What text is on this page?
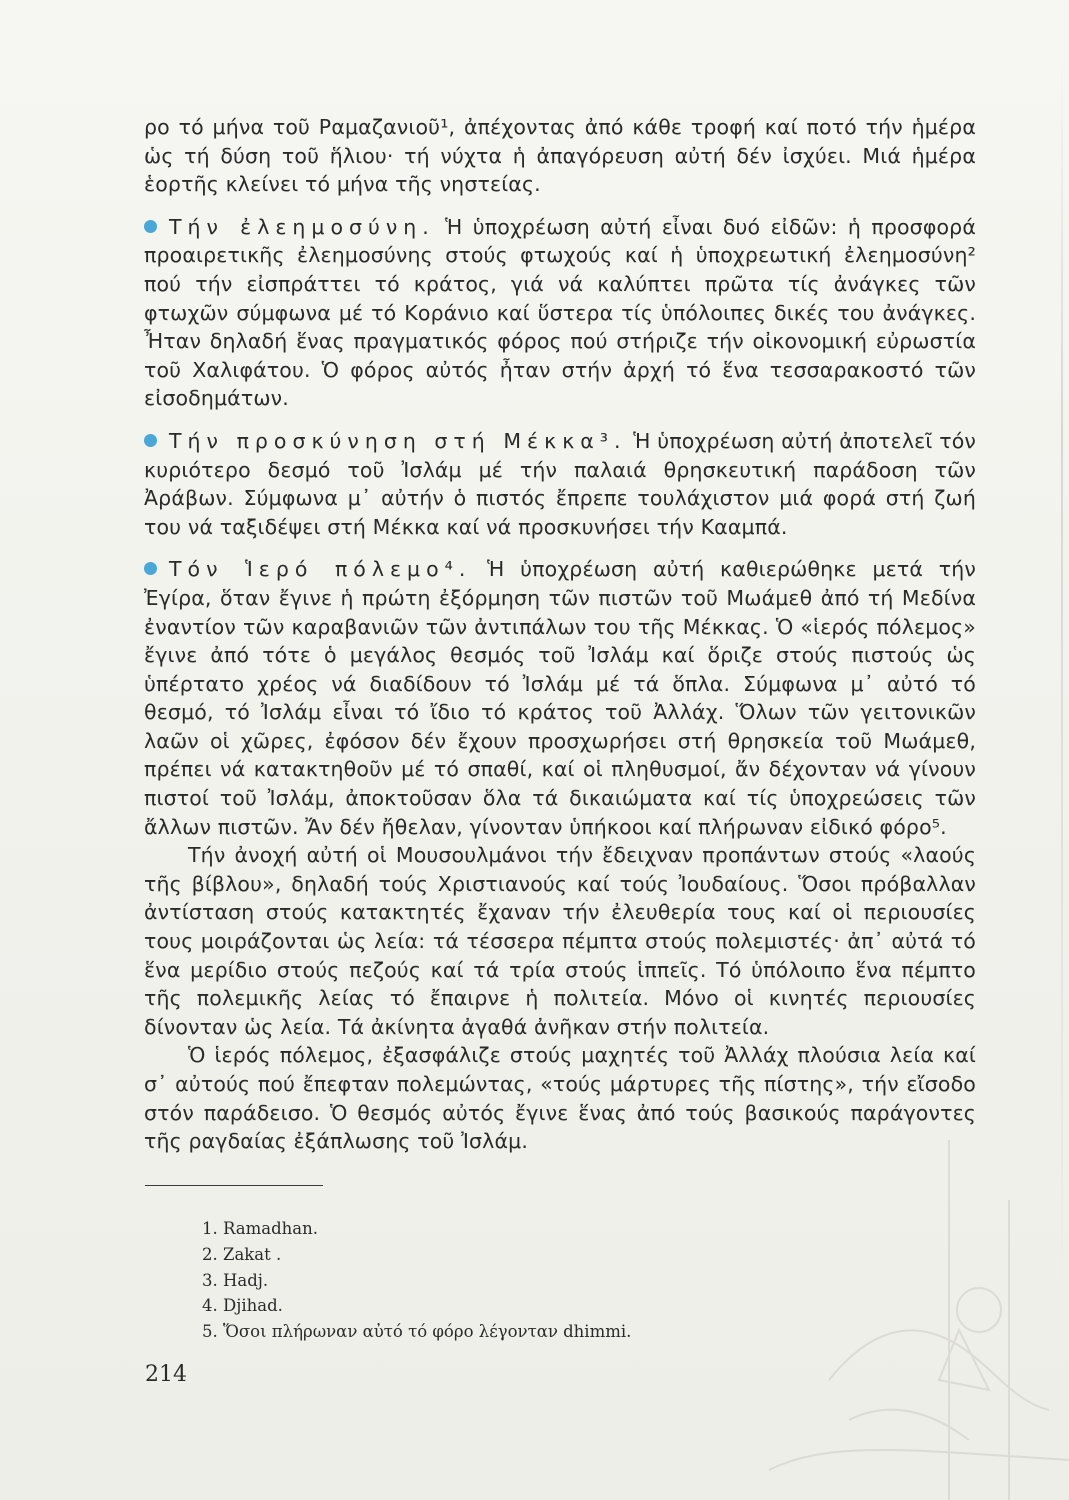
ρο τό μήνα τοῦ Ραμαζανιοῦ¹, ἀπέχοντας ἀπό κάθε τροφή καί ποτό τήν ἡμέρα ὡς τή δύση τοῦ ἥλιου· τή νύχτα ἡ ἀπαγόρευση αὐτή δέν ἰσχύει. Μιά ἡμέρα ἑορτῆς κλείνει τό μήνα τῆς νηστείας.

Τήν ἐλεημοσύνη. Ἡ ὑποχρέωση αὐτή εἶναι δυό εἰδῶν: ἡ προσφορά προαιρετικῆς ἐλεημοσύνης στούς φτωχούς καί ἡ ὑποχρεωτική ἐλεημοσύνη² πού τήν εἰσπράττει τό κράτος, γιά νά καλύπτει πρῶτα τίς ἀνάγκες τῶν φτωχῶν σύμφωνα μέ τό Κοράνιο καί ὕστερα τίς ὑπόλοιπες δικές του ἀνάγκες. Ἦταν δηλαδή ἕνας πραγματικός φόρος πού στήριζε τήν οἰκονομική εὐρωστία τοῦ Χαλιφάτου. Ὁ φόρος αὐτός ἦταν στήν ἀρχή τό ἕνα τεσσαρακοστό τῶν εἰσοδημάτων.

Τήν προσκύνηση στή Μέκκα³. Ἡ ὑποχρέωση αὐτή ἀποτελεῖ τόν κυριότερο δεσμό τοῦ Ἰσλάμ μέ τήν παλαιά θρησκευτική παράδοση τῶν Ἀράβων. Σύμφωνα μ᾽ αὐτήν ὁ πιστός ἔπρεπε τουλάχιστον μιά φορά στή ζωή του νά ταξιδέψει στή Μέκκα καί νά προσκυνήσει τήν Κααμπά.

Τόν Ἱερό πόλεμο⁴. Ἡ ὑποχρέωση αὐτή καθιερώθηκε μετά τήν Ἐγίρα, ὅταν ἔγινε ἡ πρώτη ἐξόρμηση τῶν πιστῶν τοῦ Μωάμεθ ἀπό τή Μεδίνα ἐναντίον τῶν καραβανιῶν τῶν ἀντιπάλων του τῆς Μέκκας. Ὁ «ἱερός πόλεμος» ἔγινε ἀπό τότε ὁ μεγάλος θεσμός τοῦ Ἰσλάμ καί ὅριζε στούς πιστούς ὡς ὑπέρτατο χρέος νά διαδίδουν τό Ἰσλάμ μέ τά ὅπλα. Σύμφωνα μ᾽ αὐτό τό θεσμό, τό Ἰσλάμ εἶναι τό ἴδιο τό κράτος τοῦ Ἀλλάχ. Ὅλων τῶν γειτονικῶν λαῶν οἱ χῶρες, ἐφόσον δέν ἔχουν προσχωρήσει στή θρησκεία τοῦ Μωάμεθ, πρέπει νά κατακτηθοῦν μέ τό σπαθί, καί οἱ πληθυσμοί, ἄν δέχονταν νά γίνουν πιστοί τοῦ Ἰσλάμ, ἀποκτοῦσαν ὅλα τά δικαιώματα καί τίς ὑποχρεώσεις τῶν ἄλλων πιστῶν. Ἄν δέν ἤθελαν, γίνονταν ὑπήκοοι καί πλήρωναν εἰδικό φόρο⁵.

Τήν ἀνοχή αὐτή οἱ Μουσουλμάνοι τήν ἔδειχναν προπάντων στούς «λαούς τῆς βίβλου», δηλαδή τούς Χριστιανούς καί τούς Ἰουδαίους. Ὅσοι πρόβαλλαν ἀντίσταση στούς κατακτητές ἔχαναν τήν ἐλευθερία τους καί οἱ περιουσίες τους μοιράζονται ὡς λεία: τά τέσσερα πέμπτα στούς πολεμιστές· ἀπ᾽ αὐτά τό ἕνα μερίδιο στούς πεζούς καί τά τρία στούς ἱππεῖς. Τό ὑπόλοιπο ἕνα πέμπτο τῆς πολεμικῆς λείας τό ἔπαιρνε ἡ πολιτεία. Μόνο οἱ κινητές περιουσίες δίνονταν ὡς λεία. Τά ἀκίνητα ἀγαθά ἀνῆκαν στήν πολιτεία.

Ὁ ἱερός πόλεμος, ἐξασφάλιζε στούς μαχητές τοῦ Ἀλλάχ πλούσια λεία καί σ᾽ αὐτούς πού ἔπεφταν πολεμώντας, «τούς μάρτυρες τῆς πίστης», τήν εἴσοδο στόν παράδεισο. Ὁ θεσμός αὐτός ἔγινε ἕνας ἀπό τούς βασικούς παράγοντες τῆς ραγδαίας ἐξάπλωσης τοῦ Ἰσλάμ.

1. Ramadhan.
2. Zakat .
3. Hadj.
4. Djihad.
5. Ὅσοι πλήρωναν αὐτό τό φόρο λέγονταν dhimmi.
214
